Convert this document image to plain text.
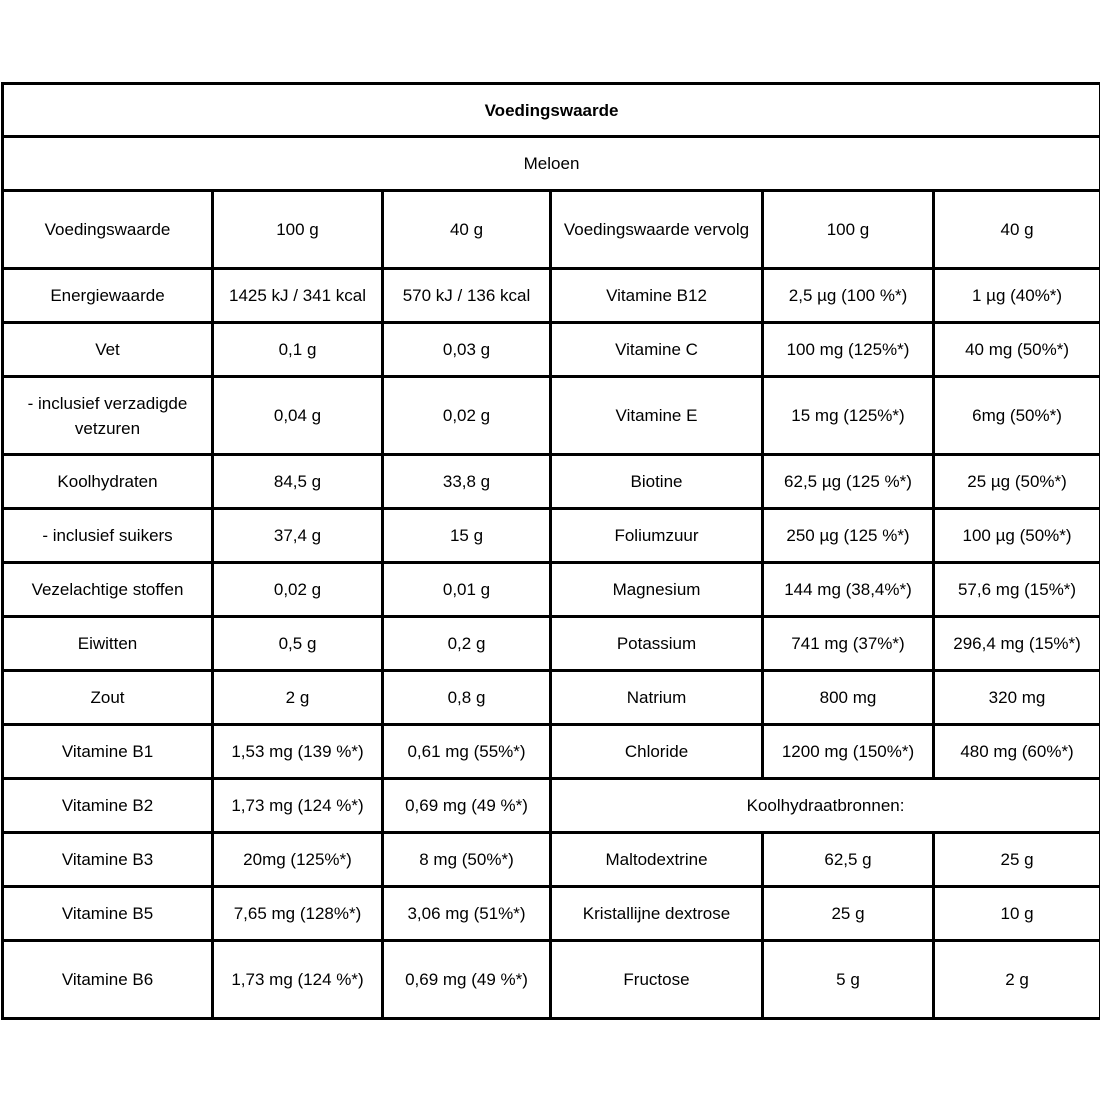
Voedingswaarde					
Meloen					
Voedingswaarde	100 g	40 g	Voedingswaarde vervolg	100 g	40 g
Energiewaarde	1425 kJ / 341 kcal	570 kJ / 136 kcal	Vitamine B12	2,5 µg (100 %*)	1 µg (40%*)
Vet	0,1 g	0,03 g	Vitamine C	100 mg (125%*)	40 mg (50%*)
- inclusief verzadigde vetzuren	0,04 g	0,02 g	Vitamine E	15 mg (125%*)	6mg (50%*)
Koolhydraten	84,5 g	33,8 g	Biotine	62,5 µg (125 %*)	25 µg (50%*)
- inclusief suikers	37,4 g	15 g	Foliumzuur	250 µg (125 %*)	100 µg (50%*)
Vezelachtige stoffen	0,02 g	0,01 g	Magnesium	144 mg (38,4%*)	57,6 mg (15%*)
Eiwitten	0,5 g	0,2 g	Potassium	741 mg (37%*)	296,4 mg (15%*)
Zout	2 g	0,8 g	Natrium	800 mg	320 mg
Vitamine B1	1,53 mg (139 %*)	0,61 mg (55%*)	Chloride	1200 mg (150%*)	480 mg (60%*)
Vitamine B2	1,73 mg (124 %*)	0,69 mg (49 %*)	Koolhydraatbronnen:		
Vitamine B3	20mg (125%*)	8 mg (50%*)	Maltodextrine	62,5 g	25 g
Vitamine B5	7,65 mg (128%*)	3,06 mg (51%*)	Kristallijne dextrose	25 g	10 g
Vitamine B6	1,73 mg (124 %*)	0,69 mg (49 %*)	Fructose	5 g	2 g
